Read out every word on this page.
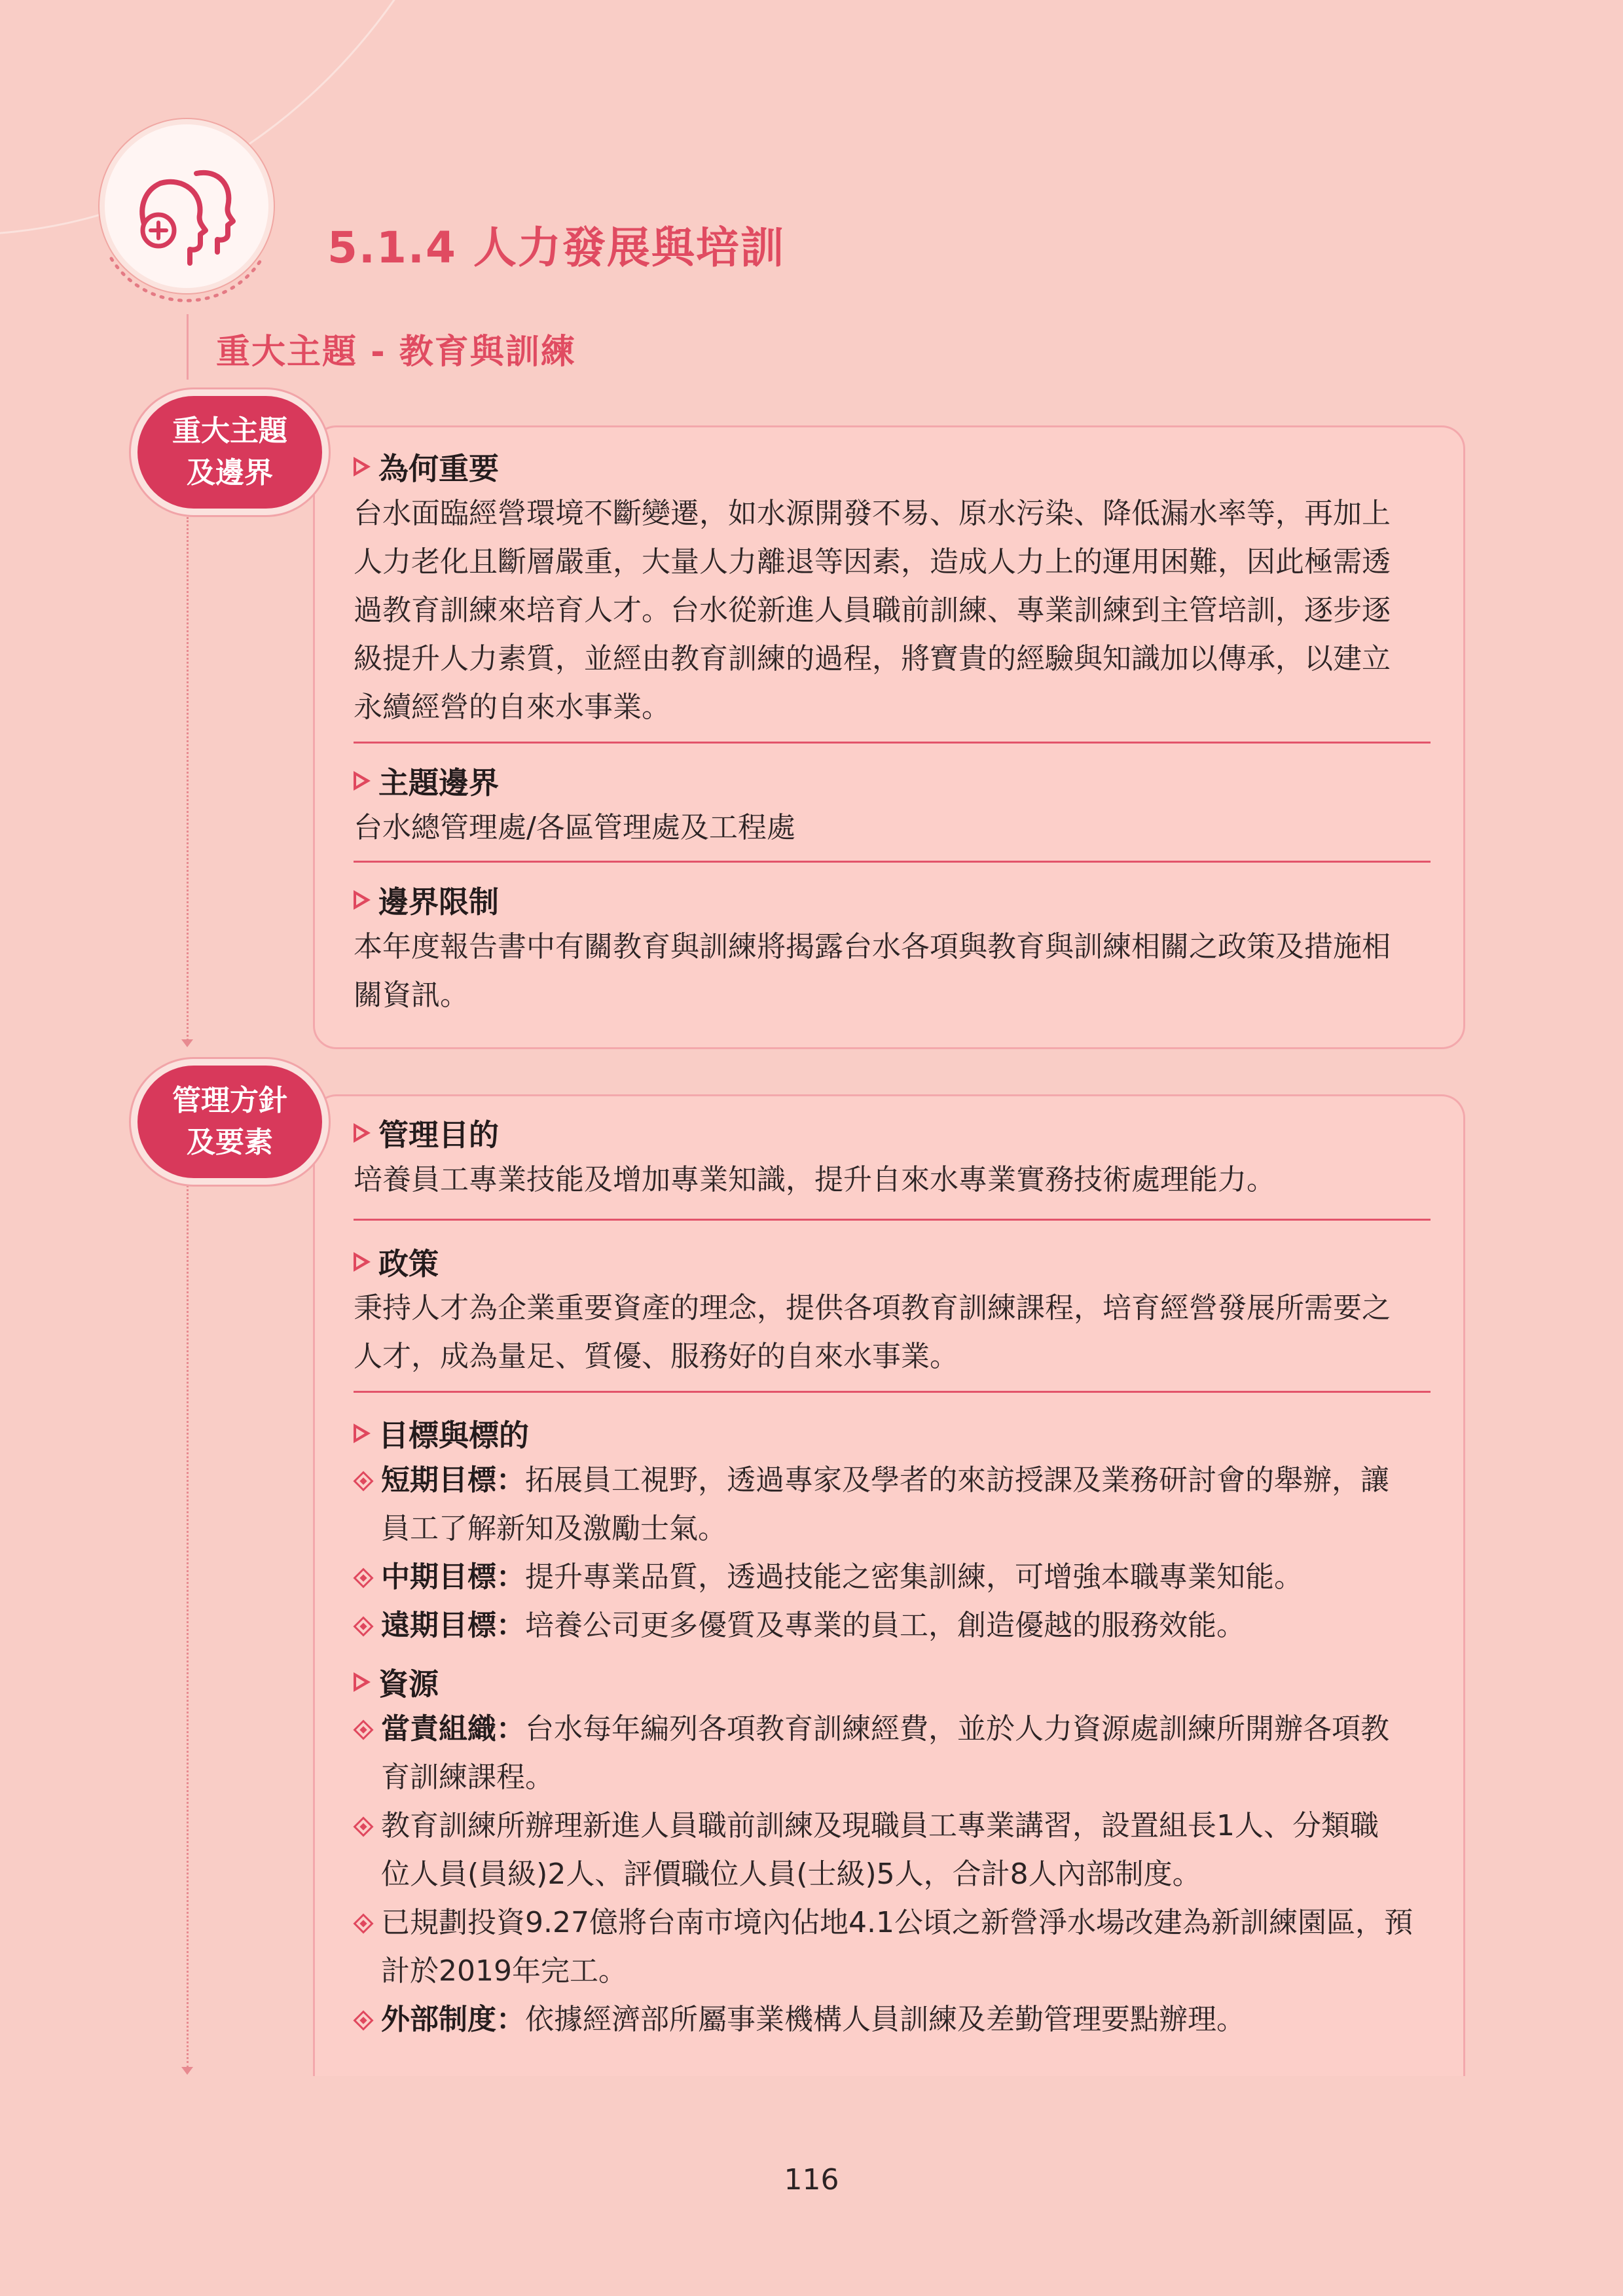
5.1.4 人力發展與培訓
重大主題 - 教育與訓練
重大主題
及邊界	為何重要
台水面臨經營環境不斷變遷，如水源開發不易、原水污染、降低漏水率等，再加上
人力老化且斷層嚴重，大量人力離退等因素，造成人力上的運用困難，因此極需透
過教育訓練來培育人才。台水從新進人員職前訓練、專業訓練到主管培訓，逐步逐
級提升人力素質，並經由教育訓練的過程，將寶貴的經驗與知識加以傳承，以建立
永續經營的自來水事業。
主題邊界
台水總管理處/各區管理處及工程處
邊界限制
本年度報告書中有關教育與訓練將揭露台水各項與教育與訓練相關之政策及措施相
關資訊。
管理方針
及要素	管理目的
培養員工專業技能及增加專業知識，提升自來水專業實務技術處理能力。
政策
秉持人才為企業重要資產的理念，提供各項教育訓練課程，培育經營發展所需要之
人才，成為量足、質優、服務好的自來水事業。
目標與標的
短期目標：拓展員工視野，透過專家及學者的來訪授課及業務研討會的舉辦，讓
員工了解新知及激勵士氣。
中期目標：提升專業品質，透過技能之密集訓練，可增強本職專業知能。
遠期目標：培養公司更多優質及專業的員工，創造優越的服務效能。
資源
當責組織：台水每年編列各項教育訓練經費，並於人力資源處訓練所開辦各項教
育訓練課程。
教育訓練所辦理新進人員職前訓練及現職員工專業講習，設置組長1人、分類職
位人員(員級)2人、評價職位人員(士級)5人，合計8人內部制度。
已規劃投資9.27億將台南市境內佔地4.1公頃之新營淨水場改建為新訓練園區，預
計於2019年完工。
外部制度：依據經濟部所屬事業機構人員訓練及差勤管理要點辦理。
116
